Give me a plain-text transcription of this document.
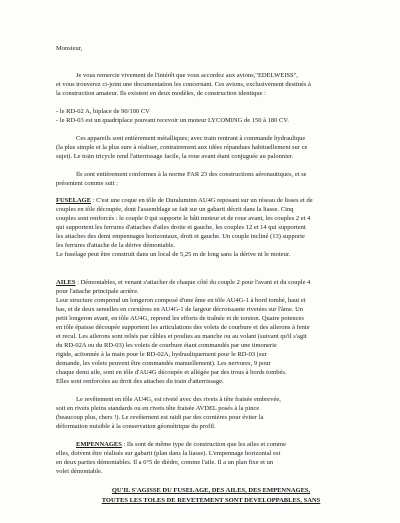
Monsieur,

Je vous remercie vivement de l'intérêt que vous accordez aux avions,"EDELWEISS",

et vous trouverez ci-joint une documentation les concernant. Ces avions, exclusivement destinés à

la construction amateur. Ils existent en deux modèles, de construction identique :

- le RD-02 A, biplace de 90/100 CV

- le RD-03 est un quadriplace pouvant recevoir un moteur LYCOMING de 150 à 180 CV.

Ces appareils sont entièrement métalliques; avec train rentrant à commande hydraulique

(la plus simple et la plus sure à réaliser, contrairement aux idées répandues habituellement sur ce

sujet). Le train tricycle rend l'atterrissage facile, la roue avant étant conjuguée au palonnier.

Ils sont entièrement conformes à la norme FAR 23 des constructions aéronautiques, et se

présentent comme suit :

FUSELAGE : C'est une coque en tôle de Duraluminn AU4G reposant sur un réseau de lisses et de

couples en tôle découpée, dont l'assemblage se fait sur un gabarit décrit dans la liasse. Cinq

couples sont renforcés : le couple 0 qui supporte le bâti moteur et de roue avant, les couples 2 et 4

qui supportent les ferrures d'attaches d'ailes droite et gauche, les couples 12 et 14 qui supportent

les attaches des demi empennages horizontaux, droit et gauche. Un couple incliné (13) supporte

les ferrures d'attache de la dérive démontable.

Le fuselage peut être construit dans un local de 5,25 m de long sans la dérive ni le moteur.

AILES : Démontables, et venant s'attacher de chaque côté du couple 2 pour l'avant et du couple 4

pour l'attache principale arrière.

Leur structure comprend un longeron composé d'une âme en tôle AU4G-1 à bord tombé, haut et

bas, et de deux semelles en cornières en AU4G-1 de largeur décroissante rivetées sur l'âme. Un

petit longeron avant, en tôle AU4G, reprend les efforts de traînée et de torsion. Quatre potences

en tôle épaisse découpée supportent les articulations des volets de courbure et des ailerons à fente

et recul. Les ailerons sont reliés par câbles et poulies au manche ou au volant (suivant qu'il s'agit

du RD-02A ou du RD-03) les volets de courbure étant commandés par une timonerie

rigide, actionnée à la main pour le RD-02A, hydrauliquement pour le RD-03 (sur

demande, les volets peuvent être commandés manuellement). Les nervures, 9 pour

chaque demi aile, sont en tôle d'AU4G découpée et allégée par des trous à bords tombés.

Elles sont renforcées au droit des attaches du train d'atterrissage.

Le revêtement en tôle AU4G, est riveté avec des rivets à tête fraisée embrevée,

soit en rivets pleins standards ou en rivets tête fraisée AVDEL posés à la pince

(beaucoup plus, chers !). Le revêtement est raidi par des cornières pour éviter la

déformation nuisible à la conservation géométrique du profil.

EMPENNAGES : Ils sont de même type de construction que les ailes et comme

elles, doivent être réalisés sur gabarit (plan dans la liasse). L'empennage horizontal est

en deux parties démontables. Il a 6°5 de dièdre, comme l'aile. Il a un plan fixe et un

volet démontable.

QU'IL S'AGISSE DU FUSELAGE, DES AILES, DES EMPENNAGES,

TOUTES LES TOLES DE REVETEMENT SONT DEVELOPPABLES, SANS
